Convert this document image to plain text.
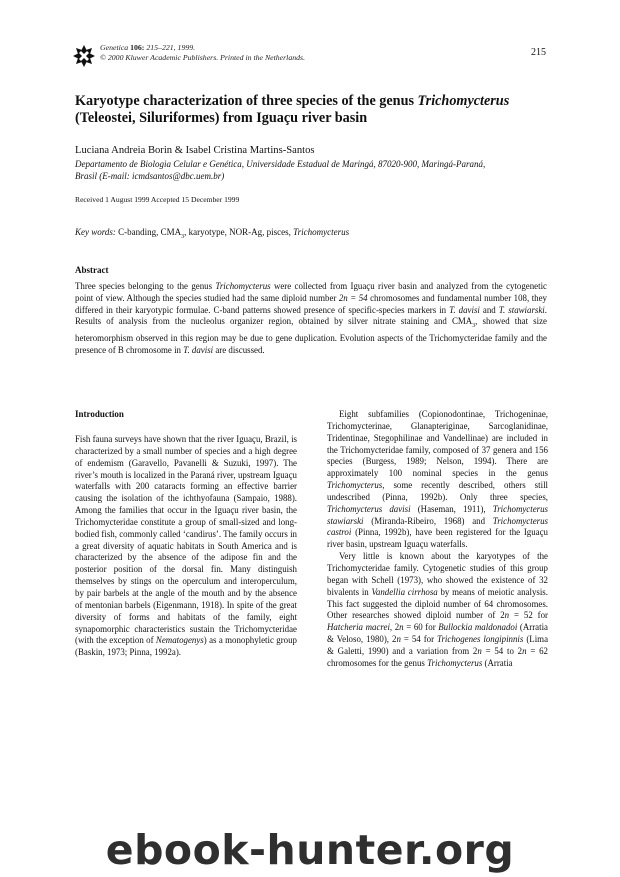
Genetica 106: 215–221, 1999.
© 2000 Kluwer Academic Publishers. Printed in the Netherlands.	215
Karyotype characterization of three species of the genus Trichomycterus
(Teleostei, Siluriformes) from Iguaçu river basin
Luciana Andreia Borin & Isabel Cristina Martins-Santos
Departamento de Biologia Celular e Genética, Universidade Estadual de Maringá, 87020-900, Maringá-Paraná,
Brasil (E-mail: icmdsantos@dbc.uem.br)
Received 1 August 1999 Accepted 15 December 1999
Key words: C-banding, $CMA_3$, karyotype, NOR-Ag, pisces, Trichomycterus
Abstract
Three species belonging to the genus Trichomycterus were collected from Iguaçu river basin and analyzed from the cytogenetic point of view. Although the species studied had the same diploid number 2n = 54 chromosomes and fundamental number 108, they differed in their karyotypic formulae. C-band patterns showed presence of specific-species markers in T. davisi and T. stawiarski. Results of analysis from the nucleolus organizer region, obtained by silver nitrate staining and $CMA_3$, showed that size heteromorphism observed in this region may be due to gene duplication. Evolution aspects of the Trichomycteridae family and the presence of B chromosome in T. davisi are discussed.
Introduction

Fish fauna surveys have shown that the river Iguaçu, Brazil, is characterized by a small number of species and a high degree of endemism (Garavello, Pavanelli & Suzuki, 1997). The river’s mouth is localized in the Paraná river, upstream Iguaçu waterfalls with 200 cataracts forming an effective barrier causing the isolation of the ichthyofauna (Sampaio, 1988). Among the families that occur in the Iguaçu river basin, the Trichomycteridae constitute a group of small-sized and long-bodied fish, commonly called ‘candirus’. The family occurs in a great diversity of aquatic habitats in South America and is characterized by the absence of the adipose fin and the posterior position of the dorsal fin. Many distinguish themselves by stings on the operculum and interoperculum, by pair barbels at the angle of the mouth and by the absence of mentonian barbels (Eigenmann, 1918). In spite of the great diversity of forms and habitats of the family, eight synapomorphic characteristics sustain the Trichomycteridae (with the exception of Nematogenys) as a monophyletic group (Baskin, 1973; Pinna, 1992a).

Eight subfamilies (Copionodontinae, Trichogeninae, Trichomycterinae, Glanapteriginae, Sarcoglanidinae, Tridentinae, Stegophilinae and Vandellinae) are included in the Trichomycteridae family, composed of 37 genera and 156 species (Burgess, 1989; Nelson, 1994). There are approximately 100 nominal species in the genus Trichomycterus, some recently described, others still undescribed (Pinna, 1992b). Only three species, Trichomycterus davisi (Haseman, 1911), Trichomycterus stawiarski (Miranda-Ribeiro, 1968) and Trichomycterus castroi (Pinna, 1992b), have been registered for the Iguaçu river basin, upstream Iguaçu waterfalls.

Very little is known about the karyotypes of the Trichomycteridae family. Cytogenetic studies of this group began with Schell (1973), who showed the existence of 32 bivalents in Vandellia cirrhosa by means of meiotic analysis. This fact suggested the diploid number of 64 chromosomes. Other researches showed diploid number of 2n = 52 for Hatcheria macrei, 2n = 60 for Bullockia maldonadoi (Arratia & Veloso, 1980), 2n = 54 for Trichogenes longipinnis (Lima & Galetti, 1990) and a variation from 2n = 54 to 2n = 62 chromosomes for the genus Trichomycterus (Arratia

ebook-hunter.org
